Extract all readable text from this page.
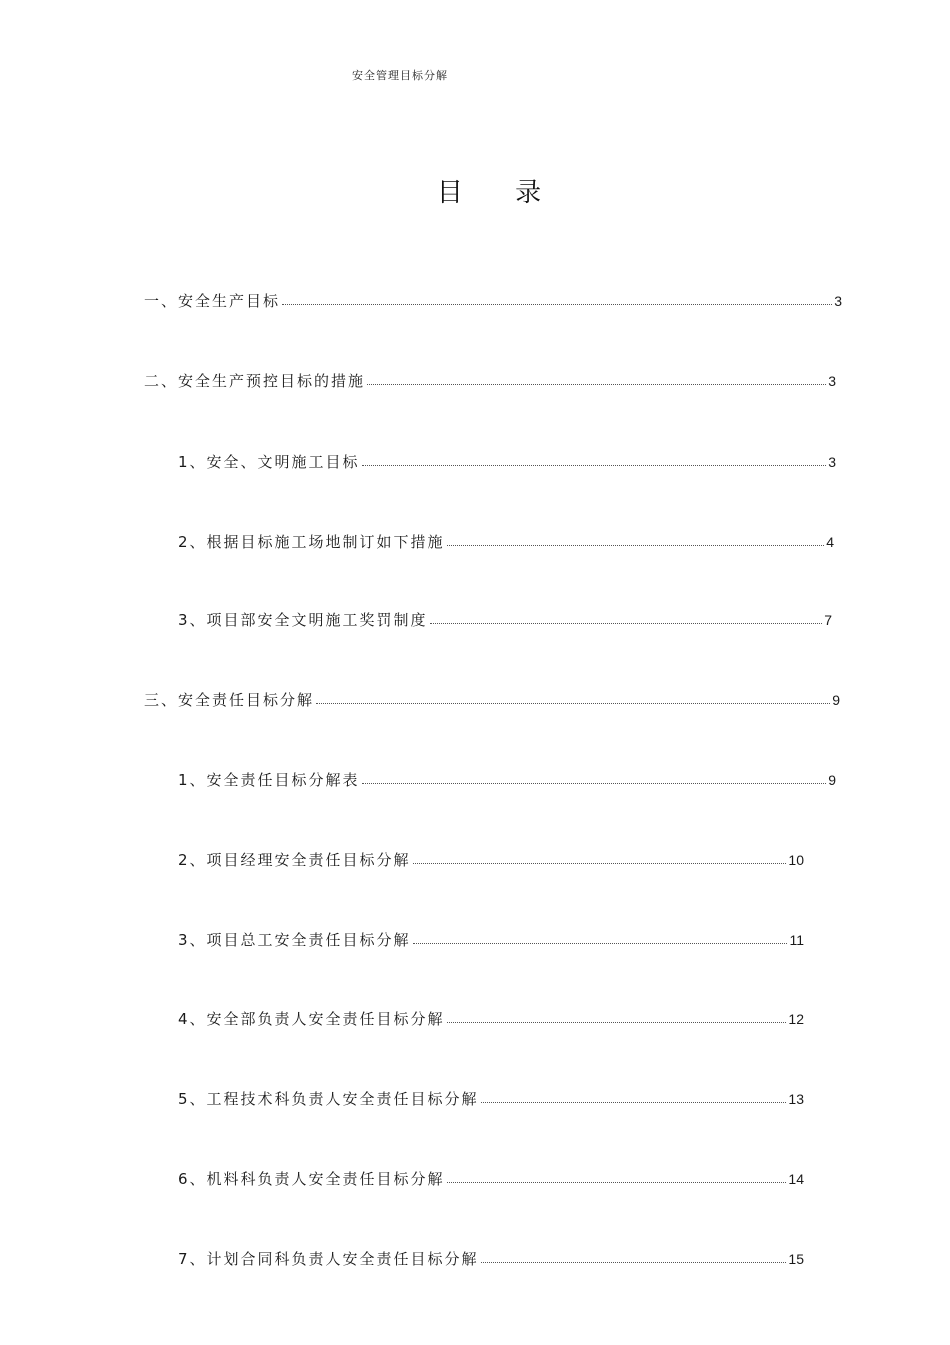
安全管理目标分解
目 录
一、安全生产目标	3
二、安全生产预控目标的措施	3
1、安全、文明施工目标	3
2、根据目标施工场地制订如下措施	4
3、项目部安全文明施工奖罚制度	7
三、安全责任目标分解	9
1、安全责任目标分解表	9
2、项目经理安全责任目标分解	10
3、项目总工安全责任目标分解	11
4、安全部负责人安全责任目标分解	12
5、工程技术科负责人安全责任目标分解	13
6、机料科负责人安全责任目标分解	14
7、计划合同科负责人安全责任目标分解	15
